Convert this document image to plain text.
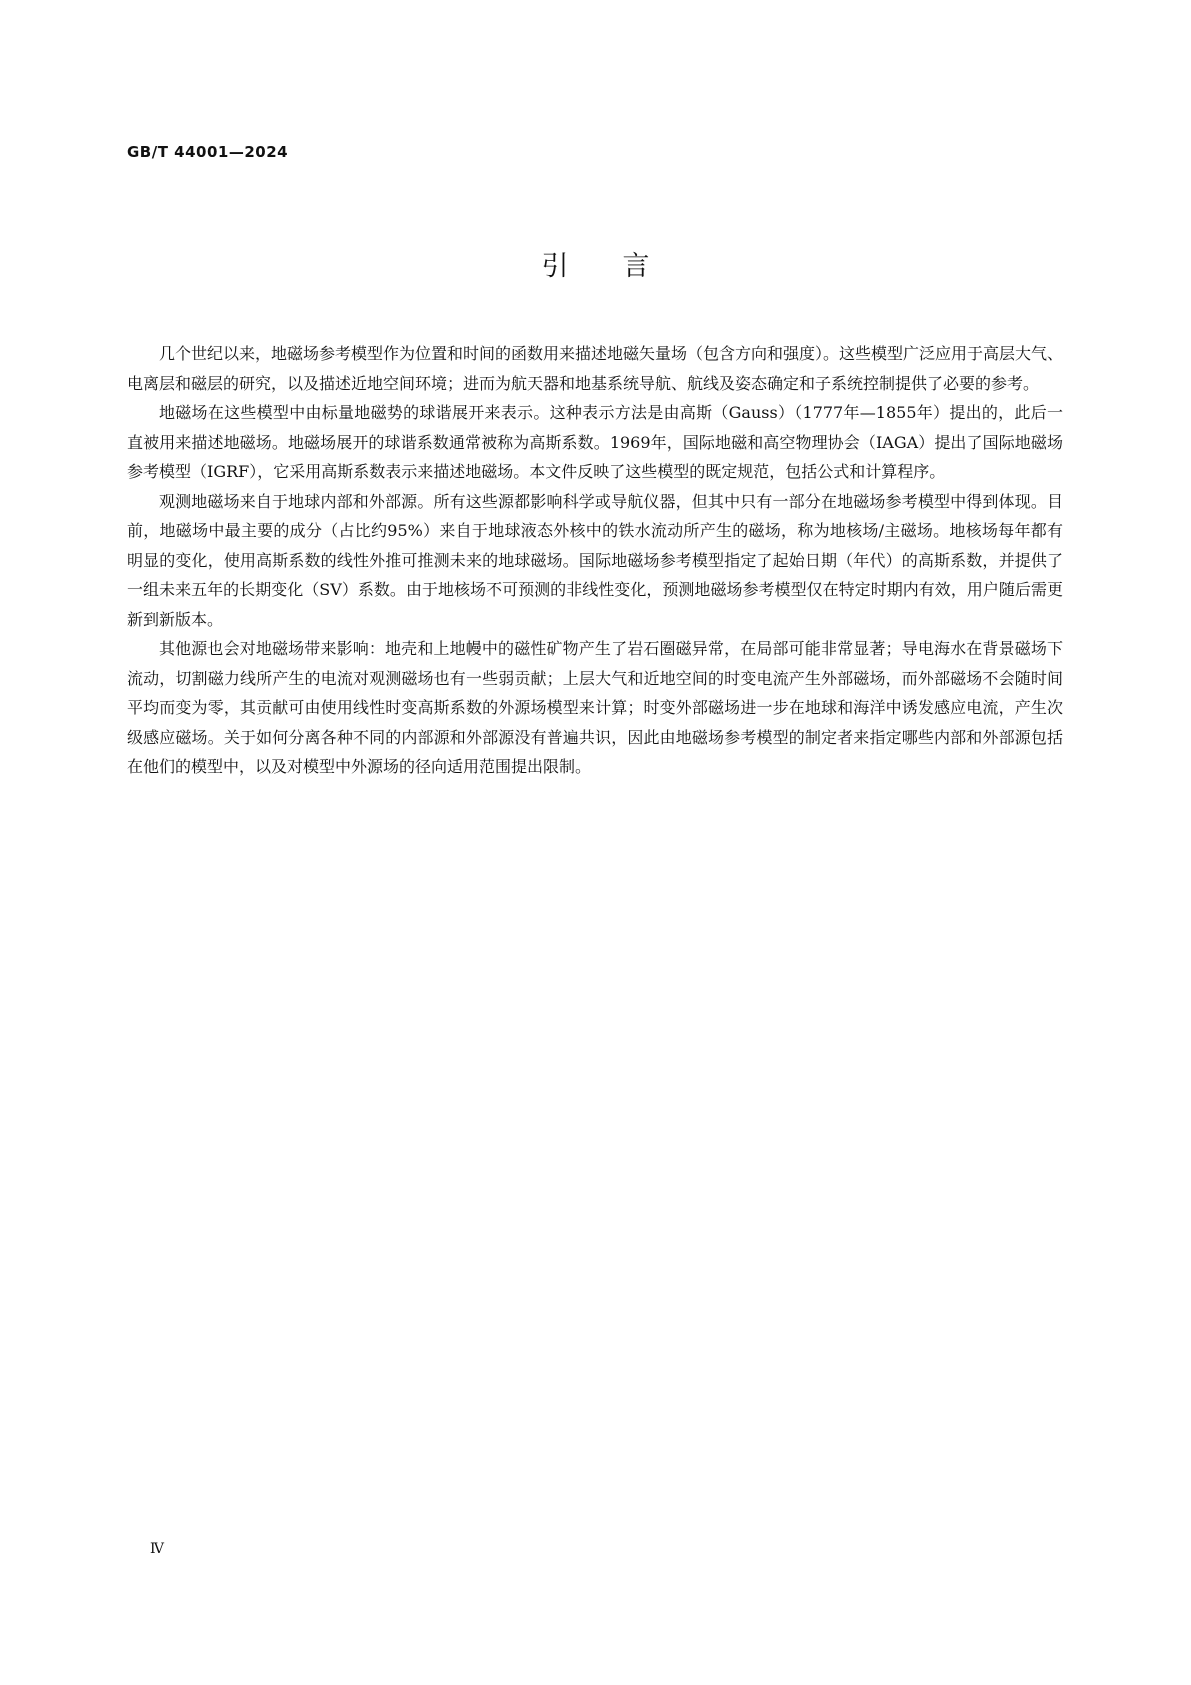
GB/T 44001—2024
引言

几个世纪以来，地磁场参考模型作为位置和时间的函数用来描述地磁矢量场（包含方向和强度）。这些模型广泛应用于高层大气、电离层和磁层的研究，以及描述近地空间环境；进而为航天器和地基系统导航、航线及姿态确定和子系统控制提供了必要的参考。

地磁场在这些模型中由标量地磁势的球谐展开来表示。这种表示方法是由高斯（Gauss）（1777年—1855年）提出的，此后一直被用来描述地磁场。地磁场展开的球谐系数通常被称为高斯系数。1969年，国际地磁和高空物理协会（IAGA）提出了国际地磁场参考模型（IGRF），它采用高斯系数表示来描述地磁场。本文件反映了这些模型的既定规范，包括公式和计算程序。

观测地磁场来自于地球内部和外部源。所有这些源都影响科学或导航仪器，但其中只有一部分在地磁场参考模型中得到体现。目前，地磁场中最主要的成分（占比约95%）来自于地球液态外核中的铁水流动所产生的磁场，称为地核场/主磁场。地核场每年都有明显的变化，使用高斯系数的线性外推可推测未来的地球磁场。国际地磁场参考模型指定了起始日期（年代）的高斯系数，并提供了一组未来五年的长期变化（SV）系数。由于地核场不可预测的非线性变化，预测地磁场参考模型仅在特定时期内有效，用户随后需更新到新版本。

其他源也会对地磁场带来影响：地壳和上地幔中的磁性矿物产生了岩石圈磁异常，在局部可能非常显著；导电海水在背景磁场下流动，切割磁力线所产生的电流对观测磁场也有一些弱贡献；上层大气和近地空间的时变电流产生外部磁场，而外部磁场不会随时间平均而变为零，其贡献可由使用线性时变高斯系数的外源场模型来计算；时变外部磁场进一步在地球和海洋中诱发感应电流，产生次级感应磁场。关于如何分离各种不同的内部源和外部源没有普遍共识，因此由地磁场参考模型的制定者来指定哪些内部和外部源包括在他们的模型中，以及对模型中外源场的径向适用范围提出限制。

Ⅳ
